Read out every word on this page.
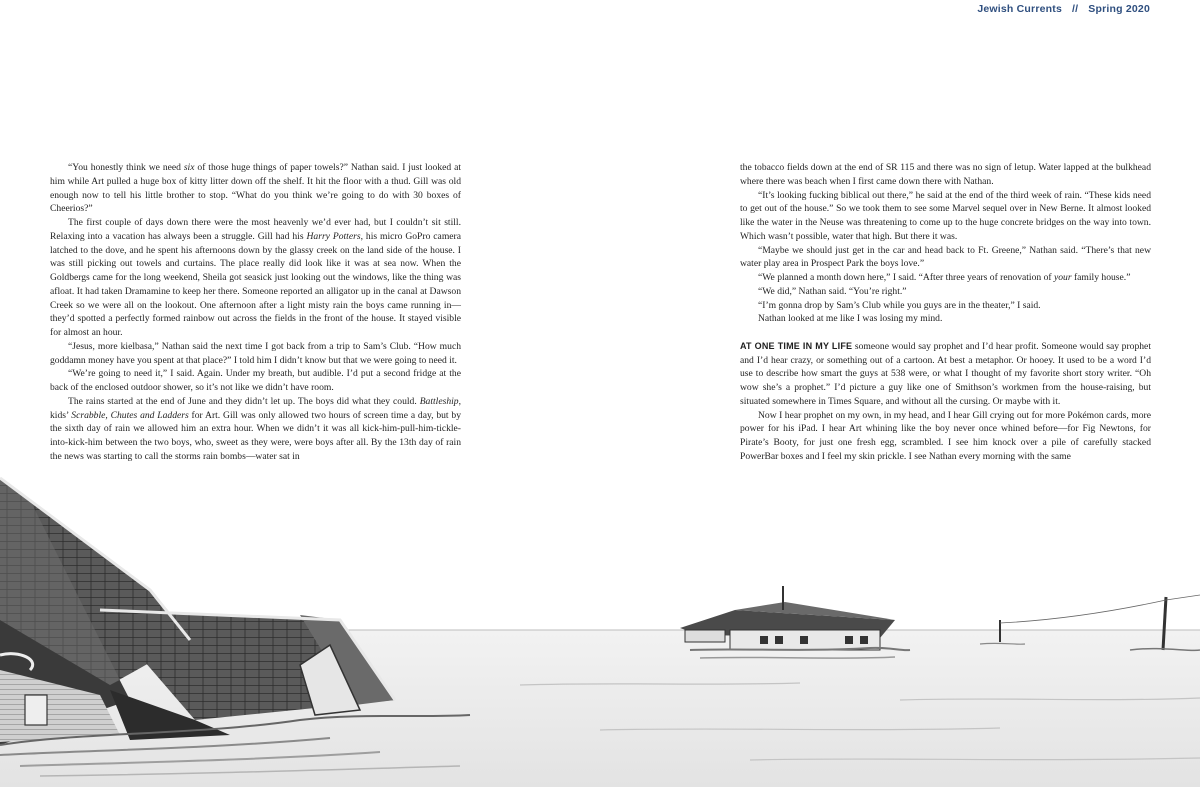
Jewish Currents // Spring 2020

“You honestly think we need six of those huge things of paper towels?” Nathan said. I just looked at him while Art pulled a huge box of kitty litter down off the shelf. It hit the floor with a thud. Gill was old enough now to tell his little brother to stop. “What do you think we’re going to do with 30 boxes of Cheerios?”

The first couple of days down there were the most heavenly we’d ever had, but I couldn’t sit still. Relaxing into a vacation has always been a struggle. Gill had his Harry Potters, his micro GoPro camera latched to the dove, and he spent his afternoons down by the glassy creek on the land side of the house. I was still picking out towels and curtains. The place really did look like it was at sea now. When the Goldbergs came for the long weekend, Sheila got seasick just looking out the windows, like the thing was afloat. It had taken Dramamine to keep her there. Someone reported an alligator up in the canal at Dawson Creek so we were all on the lookout. One afternoon after a light misty rain the boys came running in—they’d spotted a perfectly formed rainbow out across the fields in the front of the house. It stayed visible for almost an hour.

“Jesus, more kielbasa,” Nathan said the next time I got back from a trip to Sam’s Club. “How much goddamn money have you spent at that place?” I told him I didn’t know but that we were going to need it.

“We’re going to need it,” I said. Again. Under my breath, but audible. I’d put a second fridge at the back of the enclosed outdoor shower, so it’s not like we didn’t have room.

The rains started at the end of June and they didn’t let up. The boys did what they could. Battleship, kids’ Scrabble, Chutes and Ladders for Art. Gill was only allowed two hours of screen time a day, but by the sixth day of rain we allowed him an extra hour. When we didn’t it was all kick-him-pull-him-tickle-into-kick-him between the two boys, who, sweet as they were, were boys after all. By the 13th day of rain the news was starting to call the storms rain bombs—water sat in

the tobacco fields down at the end of SR 115 and there was no sign of letup. Water lapped at the bulkhead where there was beach when I first came down there with Nathan.

“It’s looking fucking biblical out there,” he said at the end of the third week of rain. “These kids need to get out of the house.” So we took them to see some Marvel sequel over in New Berne. It almost looked like the water in the Neuse was threatening to come up to the huge concrete bridges on the way into town. Which wasn’t possible, water that high. But there it was.

“Maybe we should just get in the car and head back to Ft. Greene,” Nathan said. “There’s that new water play area in Prospect Park the boys love.”

“We planned a month down here,” I said. “After three years of renovation of your family house.”

“We did,” Nathan said. “You’re right.”

“I’m gonna drop by Sam’s Club while you guys are in the theater,” I said.

Nathan looked at me like I was losing my mind.

AT ONE TIME IN MY LIFE someone would say prophet and I’d hear profit. Someone would say prophet and I’d hear crazy, or something out of a cartoon. At best a metaphor. Or hooey. It used to be a word I’d use to describe how smart the guys at 538 were, or what I thought of my favorite short story writer. “Oh wow she’s a prophet.” I’d picture a guy like one of Smithson’s workmen from the house-raising, but situated somewhere in Times Square, and without all the cursing. Or maybe with it.

Now I hear prophet on my own, in my head, and I hear Gill crying out for more Pokémon cards, more power for his iPad. I hear Art whining like the boy never once whined before—for Fig Newtons, for Pirate’s Booty, for just one fresh egg, scrambled. I see him knock over a pile of carefully stacked PowerBar boxes and I feel my skin prickle. I see Nathan every morning with the same
